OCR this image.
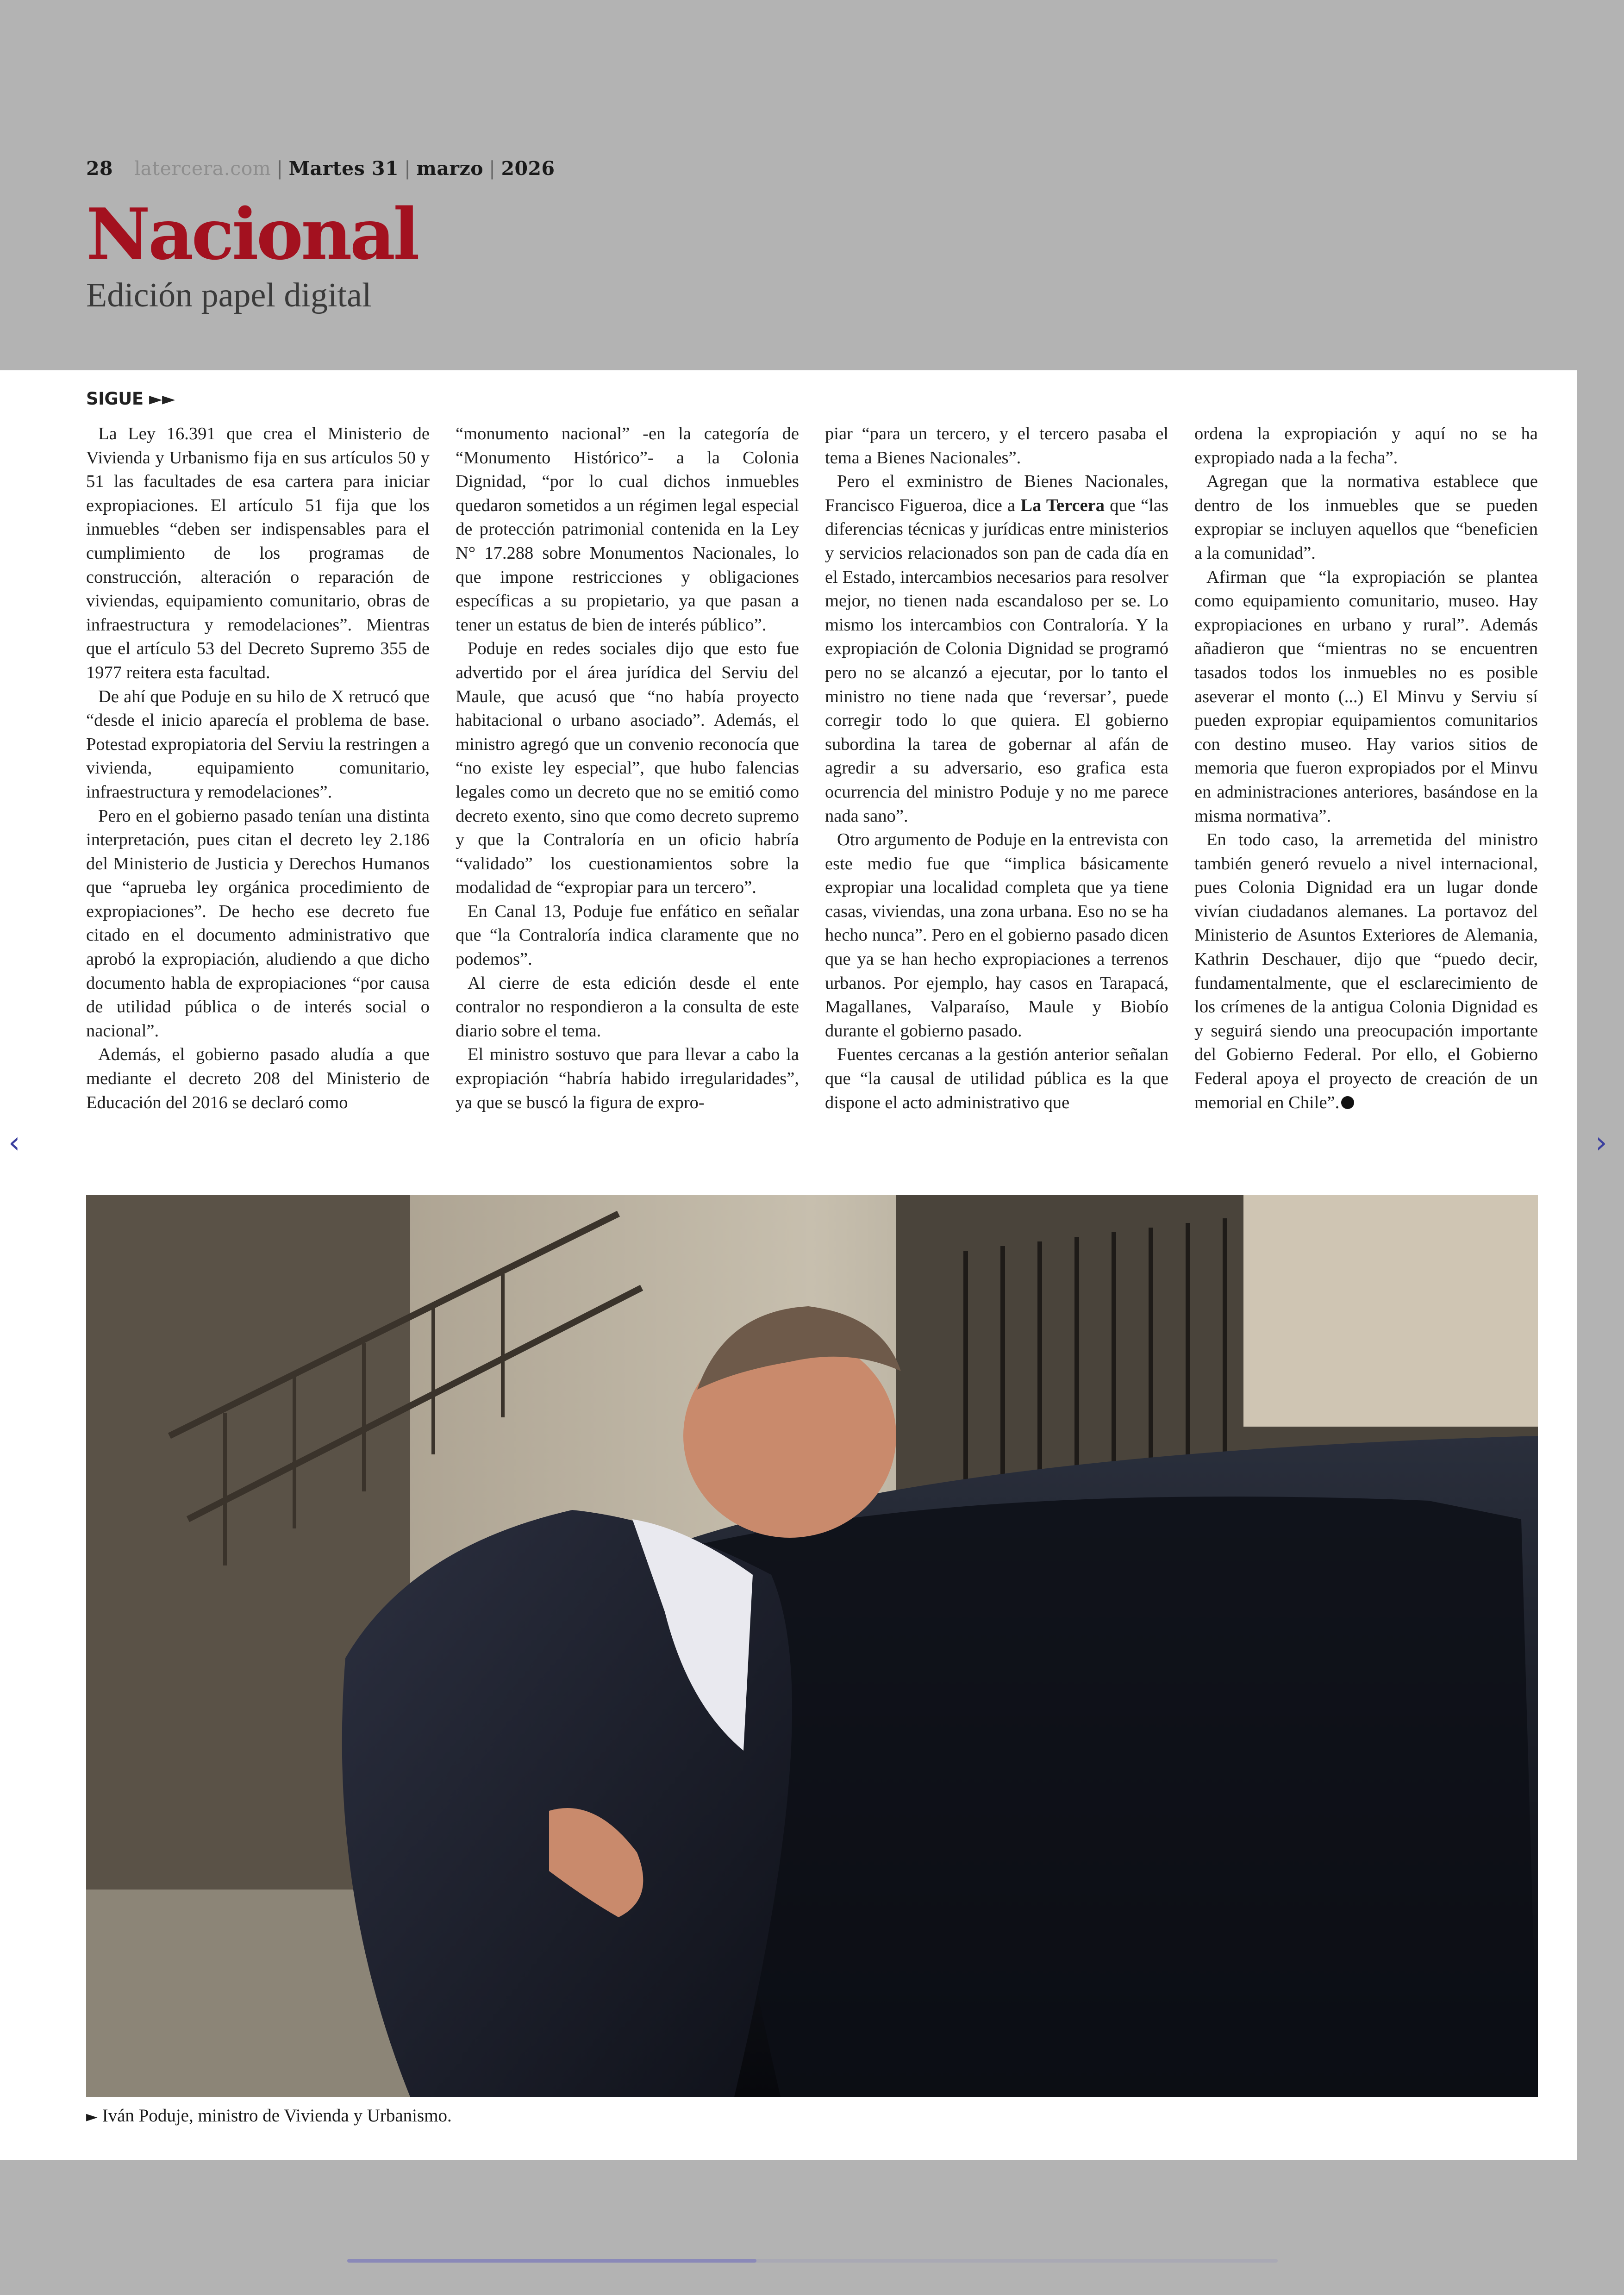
28 latercera.com | Martes 31 | marzo | 2026
Nacional
Edición papel digital
SIGUE ►►

La Ley 16.391 que crea el Ministerio de Vivienda y Urbanismo fija en sus artículos 50 y 51 las facultades de esa cartera para iniciar expropiaciones. El artículo 51 fija que los inmuebles “deben ser indispensables para el cumplimiento de los programas de construcción, alteración o reparación de viviendas, equipamiento comunitario, obras de infraestructura y remodelaciones”. Mientras que el artículo 53 del Decreto Supremo 355 de 1977 reitera esta facultad.

De ahí que Poduje en su hilo de X retrucó que “desde el inicio aparecía el problema de base. Potestad expropiatoria del Serviu la restringen a vivienda, equipamiento comunitario, infraestructura y remodelaciones”.

Pero en el gobierno pasado tenían una distinta interpretación, pues citan el decreto ley 2.186 del Ministerio de Justicia y Derechos Humanos que “aprueba ley orgánica procedimiento de expropiaciones”. De hecho ese decreto fue citado en el documento administrativo que aprobó la expropiación, aludiendo a que dicho documento habla de expropiaciones “por causa de utilidad pública o de interés social o nacional”.

Además, el gobierno pasado aludía a que mediante el decreto 208 del Ministerio de Educación del 2016 se declaró como

“monumento nacional” -en la categoría de “Monumento Histórico”- a la Colonia Dignidad, “por lo cual dichos inmuebles quedaron sometidos a un régimen legal especial de protección patrimonial contenida en la Ley N° 17.288 sobre Monumentos Nacionales, lo que impone restricciones y obligaciones específicas a su propietario, ya que pasan a tener un estatus de bien de interés público”.

Poduje en redes sociales dijo que esto fue advertido por el área jurídica del Serviu del Maule, que acusó que “no había proyecto habitacional o urbano asociado”. Además, el ministro agregó que un convenio reconocía que “no existe ley especial”, que hubo falencias legales como un decreto que no se emitió como decreto exento, sino que como decreto supremo y que la Contraloría en un oficio habría “validado” los cuestionamientos sobre la modalidad de “expropiar para un tercero”.

En Canal 13, Poduje fue enfático en señalar que “la Contraloría indica claramente que no podemos”.

Al cierre de esta edición desde el ente contralor no respondieron a la consulta de este diario sobre el tema.

El ministro sostuvo que para llevar a cabo la expropiación “habría habido irregularidades”, ya que se buscó la figura de expro-

piar “para un tercero, y el tercero pasaba el tema a Bienes Nacionales”.

Pero el exministro de Bienes Nacionales, Francisco Figueroa, dice a La Tercera que “las diferencias técnicas y jurídicas entre ministerios y servicios relacionados son pan de cada día en el Estado, intercambios necesarios para resolver mejor, no tienen nada escandaloso per se. Lo mismo los intercambios con Contraloría. Y la expropiación de Colonia Dignidad se programó pero no se alcanzó a ejecutar, por lo tanto el ministro no tiene nada que ‘reversar’, puede corregir todo lo que quiera. El gobierno subordina la tarea de gobernar al afán de agredir a su adversario, eso grafica esta ocurrencia del ministro Poduje y no me parece nada sano”.

Otro argumento de Poduje en la entrevista con este medio fue que “implica básicamente expropiar una localidad completa que ya tiene casas, viviendas, una zona urbana. Eso no se ha hecho nunca”. Pero en el gobierno pasado dicen que ya se han hecho expropiaciones a terrenos urbanos. Por ejemplo, hay casos en Tarapacá, Magallanes, Valparaíso, Maule y Biobío durante el gobierno pasado.

Fuentes cercanas a la gestión anterior señalan que “la causal de utilidad pública es la que dispone el acto administrativo que

ordena la expropiación y aquí no se ha expropiado nada a la fecha”.

Agregan que la normativa establece que dentro de los inmuebles que se pueden expropiar se incluyen aquellos que “beneficien a la comunidad”.

Afirman que “la expropiación se plantea como equipamiento comunitario, museo. Hay expropiaciones en urbano y rural”. Además añadieron que “mientras no se encuentren tasados todos los inmuebles no es posible aseverar el monto (...) El Minvu y Serviu sí pueden expropiar equipamientos comunitarios con destino museo. Hay varios sitios de memoria que fueron expropiados por el Minvu en administraciones anteriores, basándose en la misma normativa”.

En todo caso, la arremetida del ministro también generó revuelo a nivel internacional, pues Colonia Dignidad era un lugar donde vivían ciudadanos alemanes. La portavoz del Ministerio de Asuntos Exteriores de Alemania, Kathrin Deschauer, dijo que “puedo decir, fundamentalmente, que el esclarecimiento de los crímenes de la antigua Colonia Dignidad es y seguirá siendo una preocupación importante del Gobierno Federal. Por ello, el Gobierno Federal apoya el proyecto de creación de un memorial en Chile”.

► Iván Poduje, ministro de Vivienda y Urbanismo.
‹	›
